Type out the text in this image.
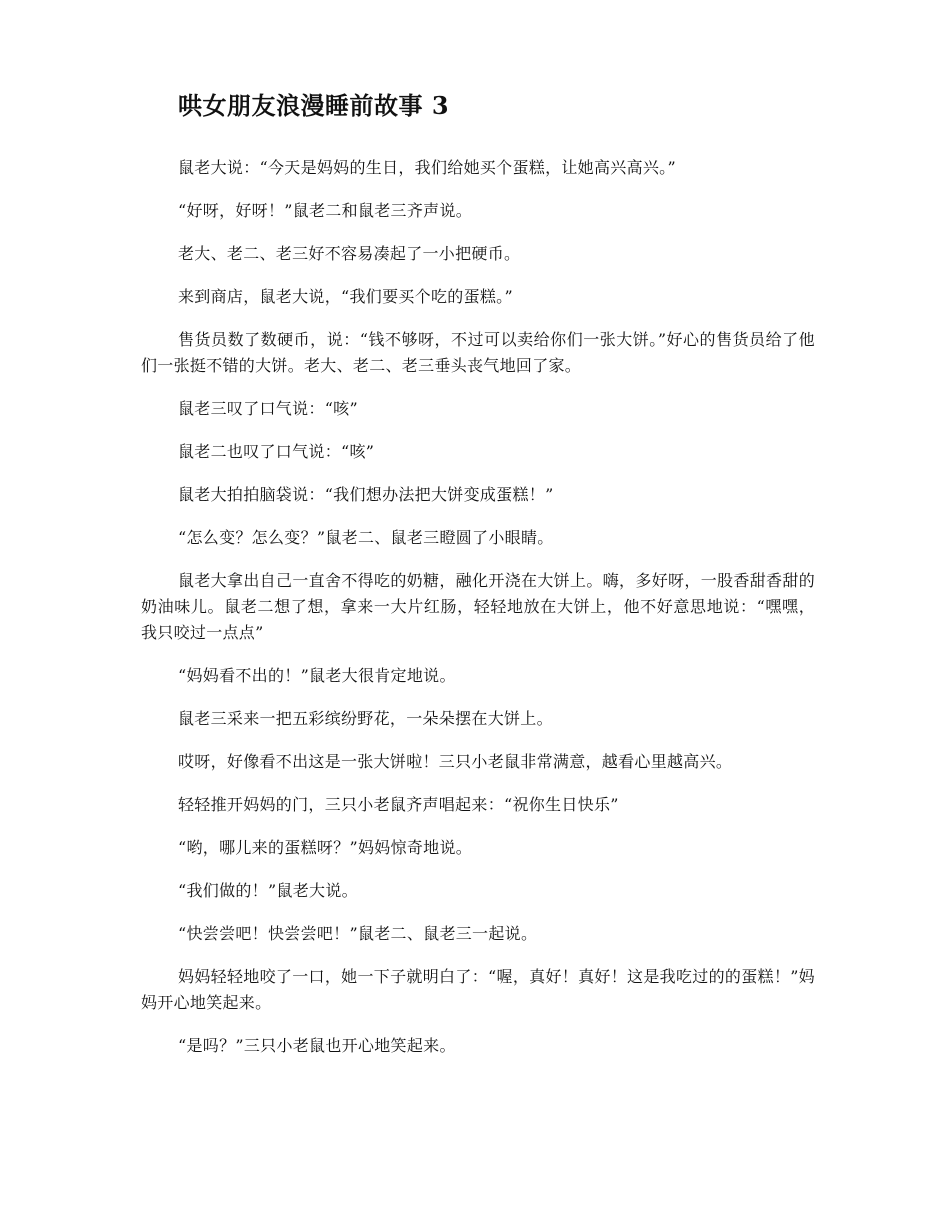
哄女朋友浪漫睡前故事 3

鼠老大说：“今天是妈妈的生日，我们给她买个蛋糕，让她高兴高兴。”

“好呀，好呀！”鼠老二和鼠老三齐声说。

老大、老二、老三好不容易凑起了一小把硬币。

来到商店，鼠老大说，“我们要买个吃的蛋糕。”

售货员数了数硬币，说：“钱不够呀，不过可以卖给你们一张大饼。”好心的售货员给了他们一张挺不错的大饼。老大、老二、老三垂头丧气地回了家。

鼠老三叹了口气说：“咳”

鼠老二也叹了口气说：“咳”

鼠老大拍拍脑袋说：“我们想办法把大饼变成蛋糕！”

“怎么变？怎么变？”鼠老二、鼠老三瞪圆了小眼睛。

鼠老大拿出自己一直舍不得吃的奶糖，融化开浇在大饼上。嗨，多好呀，一股香甜香甜的奶油味儿。鼠老二想了想，拿来一大片红肠，轻轻地放在大饼上，他不好意思地说：“嘿嘿，我只咬过一点点”

“妈妈看不出的！”鼠老大很肯定地说。

鼠老三采来一把五彩缤纷野花，一朵朵摆在大饼上。

哎呀，好像看不出这是一张大饼啦！三只小老鼠非常满意，越看心里越高兴。

轻轻推开妈妈的门，三只小老鼠齐声唱起来：“祝你生日快乐”

“哟，哪儿来的蛋糕呀？”妈妈惊奇地说。

“我们做的！”鼠老大说。

“快尝尝吧！快尝尝吧！”鼠老二、鼠老三一起说。

妈妈轻轻地咬了一口，她一下子就明白了：“喔，真好！真好！这是我吃过的的蛋糕！”妈妈开心地笑起来。

“是吗？”三只小老鼠也开心地笑起来。
